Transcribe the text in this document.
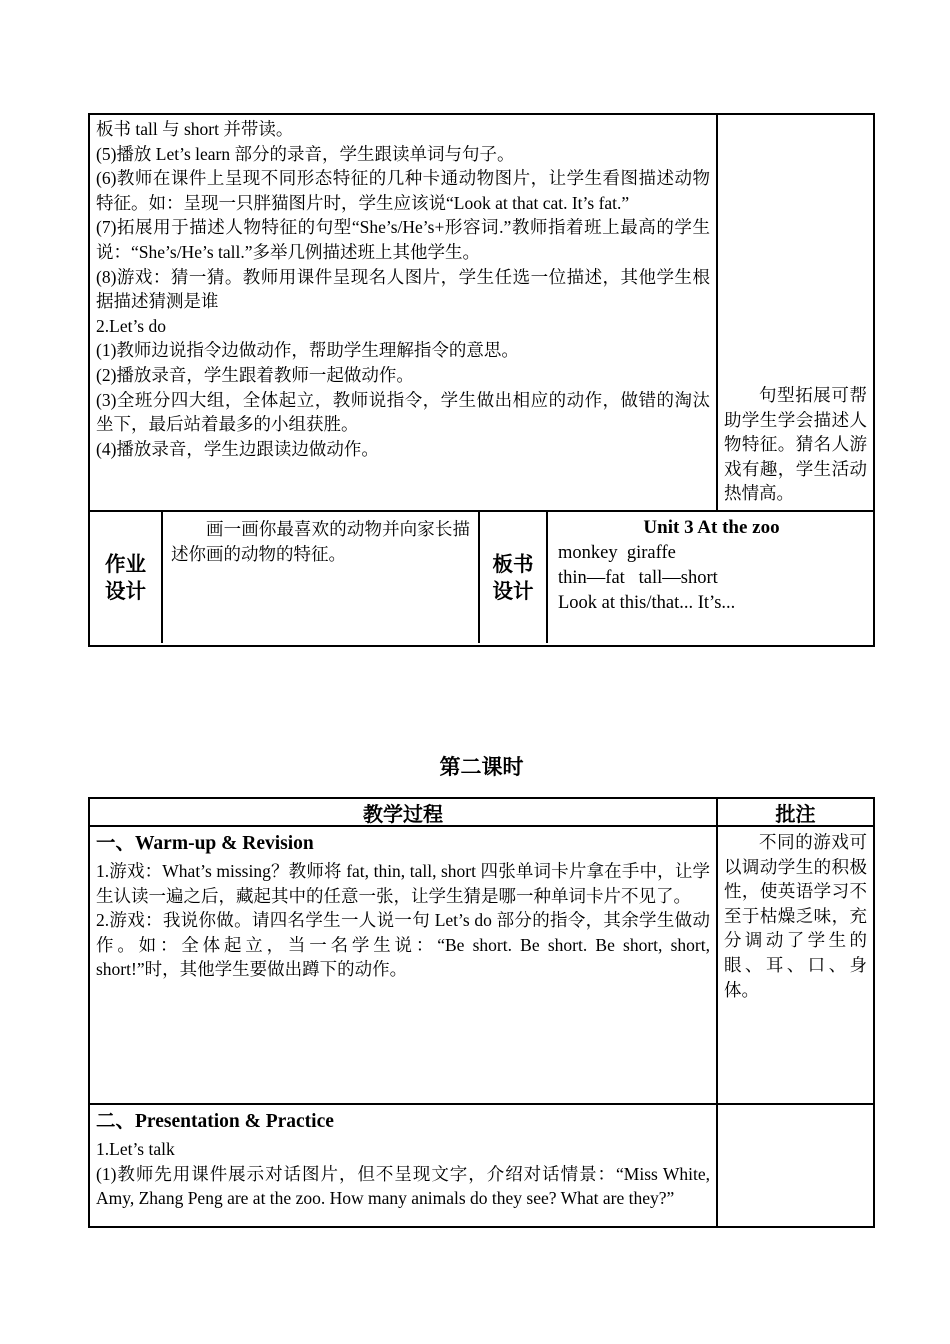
板书 tall 与 short 并带读。

(5)播放 Let’s learn 部分的录音，学生跟读单词与句子。

(6)教师在课件上呈现不同形态特征的几种卡通动物图片，让学生看图描述动物特征。如：呈现一只胖猫图片时，学生应该说“Look at that cat. It’s fat.”

(7)拓展用于描述人物特征的句型“She’s/He’s+形容词.”教师指着班上最高的学生说：“She’s/He’s tall.”多举几例描述班上其他学生。

(8)游戏：猜一猜。教师用课件呈现名人图片，学生任选一位描述，其他学生根据描述猜测是谁

2.Let’s do

(1)教师边说指令边做动作，帮助学生理解指令的意思。

(2)播放录音，学生跟着教师一起做动作。

(3)全班分四大组，全体起立，教师说指令，学生做出相应的动作，做错的淘汰坐下，最后站着最多的小组获胜。

(4)播放录音，学生边跟读边做动作。

句型拓展可帮助学生学会描述人物特征。猜名人游戏有趣，学生活动热情高。

作业
设计

画一画你最喜欢的动物并向家长描述你画的动物的特征。	板书
设计
Unit 3 At the zoo
monkey  giraffe
thin—fat   tall—short
Look at this/that... It’s...
第二课时
教学过程	批注
一、Warm-up & Revision

1.游戏：What’s missing？教师将 fat, thin, tall, short 四张单词卡片拿在手中，让学生认读一遍之后，藏起其中的任意一张，让学生猜是哪一种单词卡片不见了。

2.游戏：我说你做。请四名学生一人说一句 Let’s do 部分的指令，其余学生做动作。如：全体起立，当一名学生说：“Be short. Be short. Be short, short, short!”时，其他学生要做出蹲下的动作。

不同的游戏可以调动学生的积极性，使英语学习不至于枯燥乏味，充分调动了学生的眼、耳、口、身体。

二、Presentation & Practice

1.Let’s talk

(1)教师先用课件展示对话图片，但不呈现文字，介绍对话情景：“Miss White, Amy, Zhang Peng are at the zoo. How many animals do they see? What are they?”
